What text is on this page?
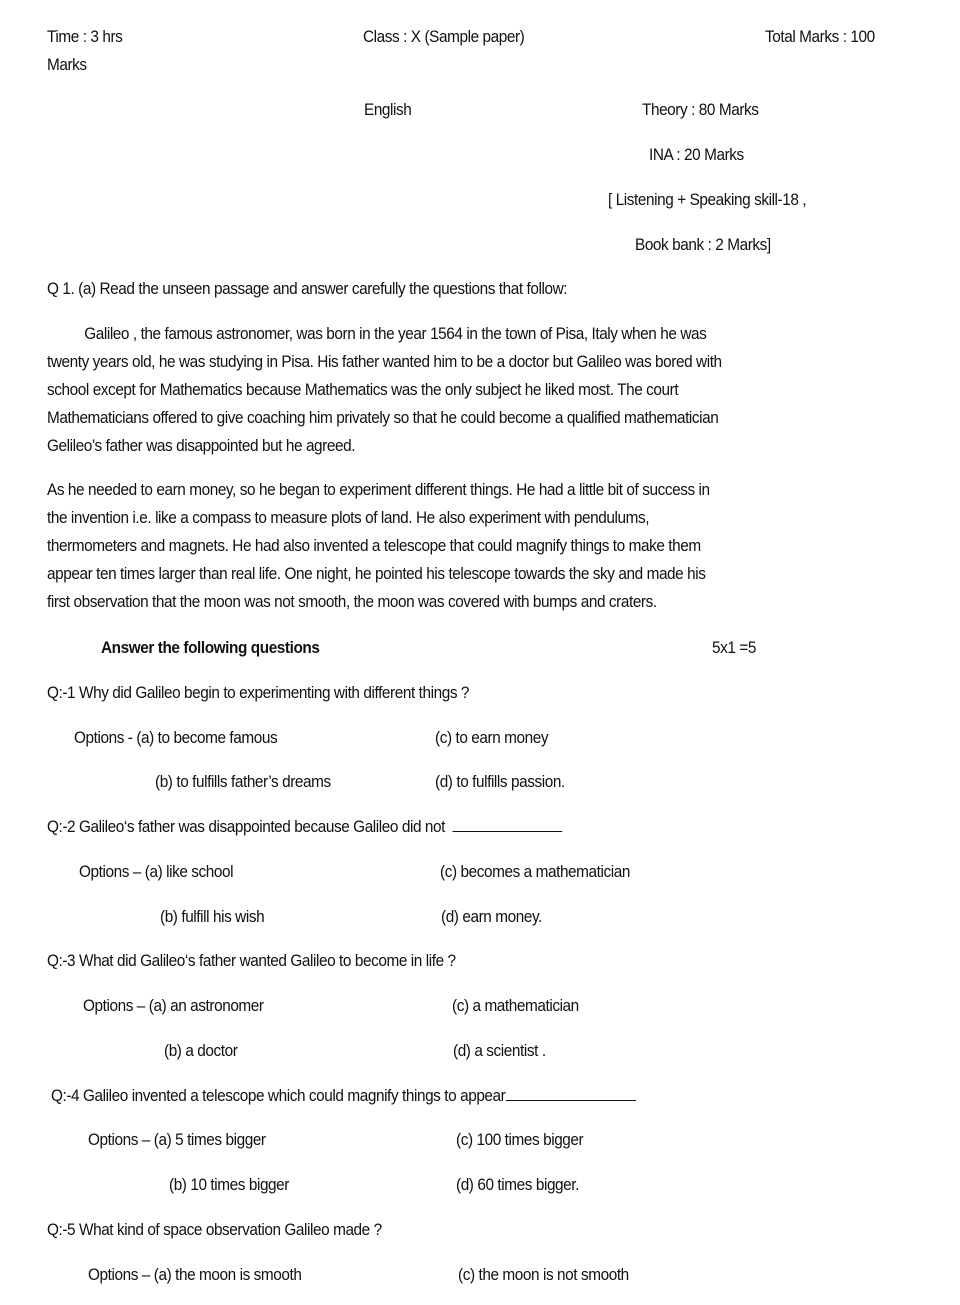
Time : 3 hrs
Marks
Class : X (Sample paper)	Total Marks : 100
English	Theory : 80 Marks
INA : 20 Marks
[ Listening + Speaking skill-18 ,
Book bank : 2 Marks]
Q 1. (a) Read the unseen passage and answer carefully the questions that follow:
Galileo , the famous astronomer, was born in the year 1564 in the town of Pisa, Italy when he was
twenty years old, he was studying in Pisa. His father wanted him to be a doctor but Galileo was bored with
school except for Mathematics because Mathematics was the only subject he liked most. The court
Mathematicians offered to give coaching him privately so that he could become a qualified mathematician
Gelileo’s father was disappointed but he agreed.
As he needed to earn money, so he began to experiment different things. He had a little bit of success in
the invention i.e. like a compass to measure plots of land. He also experiment with pendulums,
thermometers and magnets. He had also invented a telescope that could magnify things to make them
appear ten times larger than real life. One night, he pointed his telescope towards the sky and made his
first observation that the moon was not smooth, the moon was covered with bumps and craters.
Answer the following questions	5x1 =5
Q:-1 Why did Galileo begin to experimenting with different things ?
Options - (a) to become famous	(c) to earn money
(b) to fulfills father’s dreams	(d) to fulfills passion.
Q:-2 Galileo‘s father was disappointed because Galileo did not
Options – (a) like school	(c) becomes a mathematician
(b) fulfill his wish	(d) earn money.
Q:-3 What did Galileo‘s father wanted Galileo to become in life ?
Options – (a) an astronomer	(c) a mathematician
(b) a doctor	(d) a scientist .
Q:-4 Galileo invented a telescope which could magnify things to appear
Options – (a) 5 times bigger	(c) 100 times bigger
(b) 10 times bigger	(d) 60 times bigger.
Q:-5 What kind of space observation Galileo made ?
Options – (a) the moon is smooth	(c) the moon is not smooth
